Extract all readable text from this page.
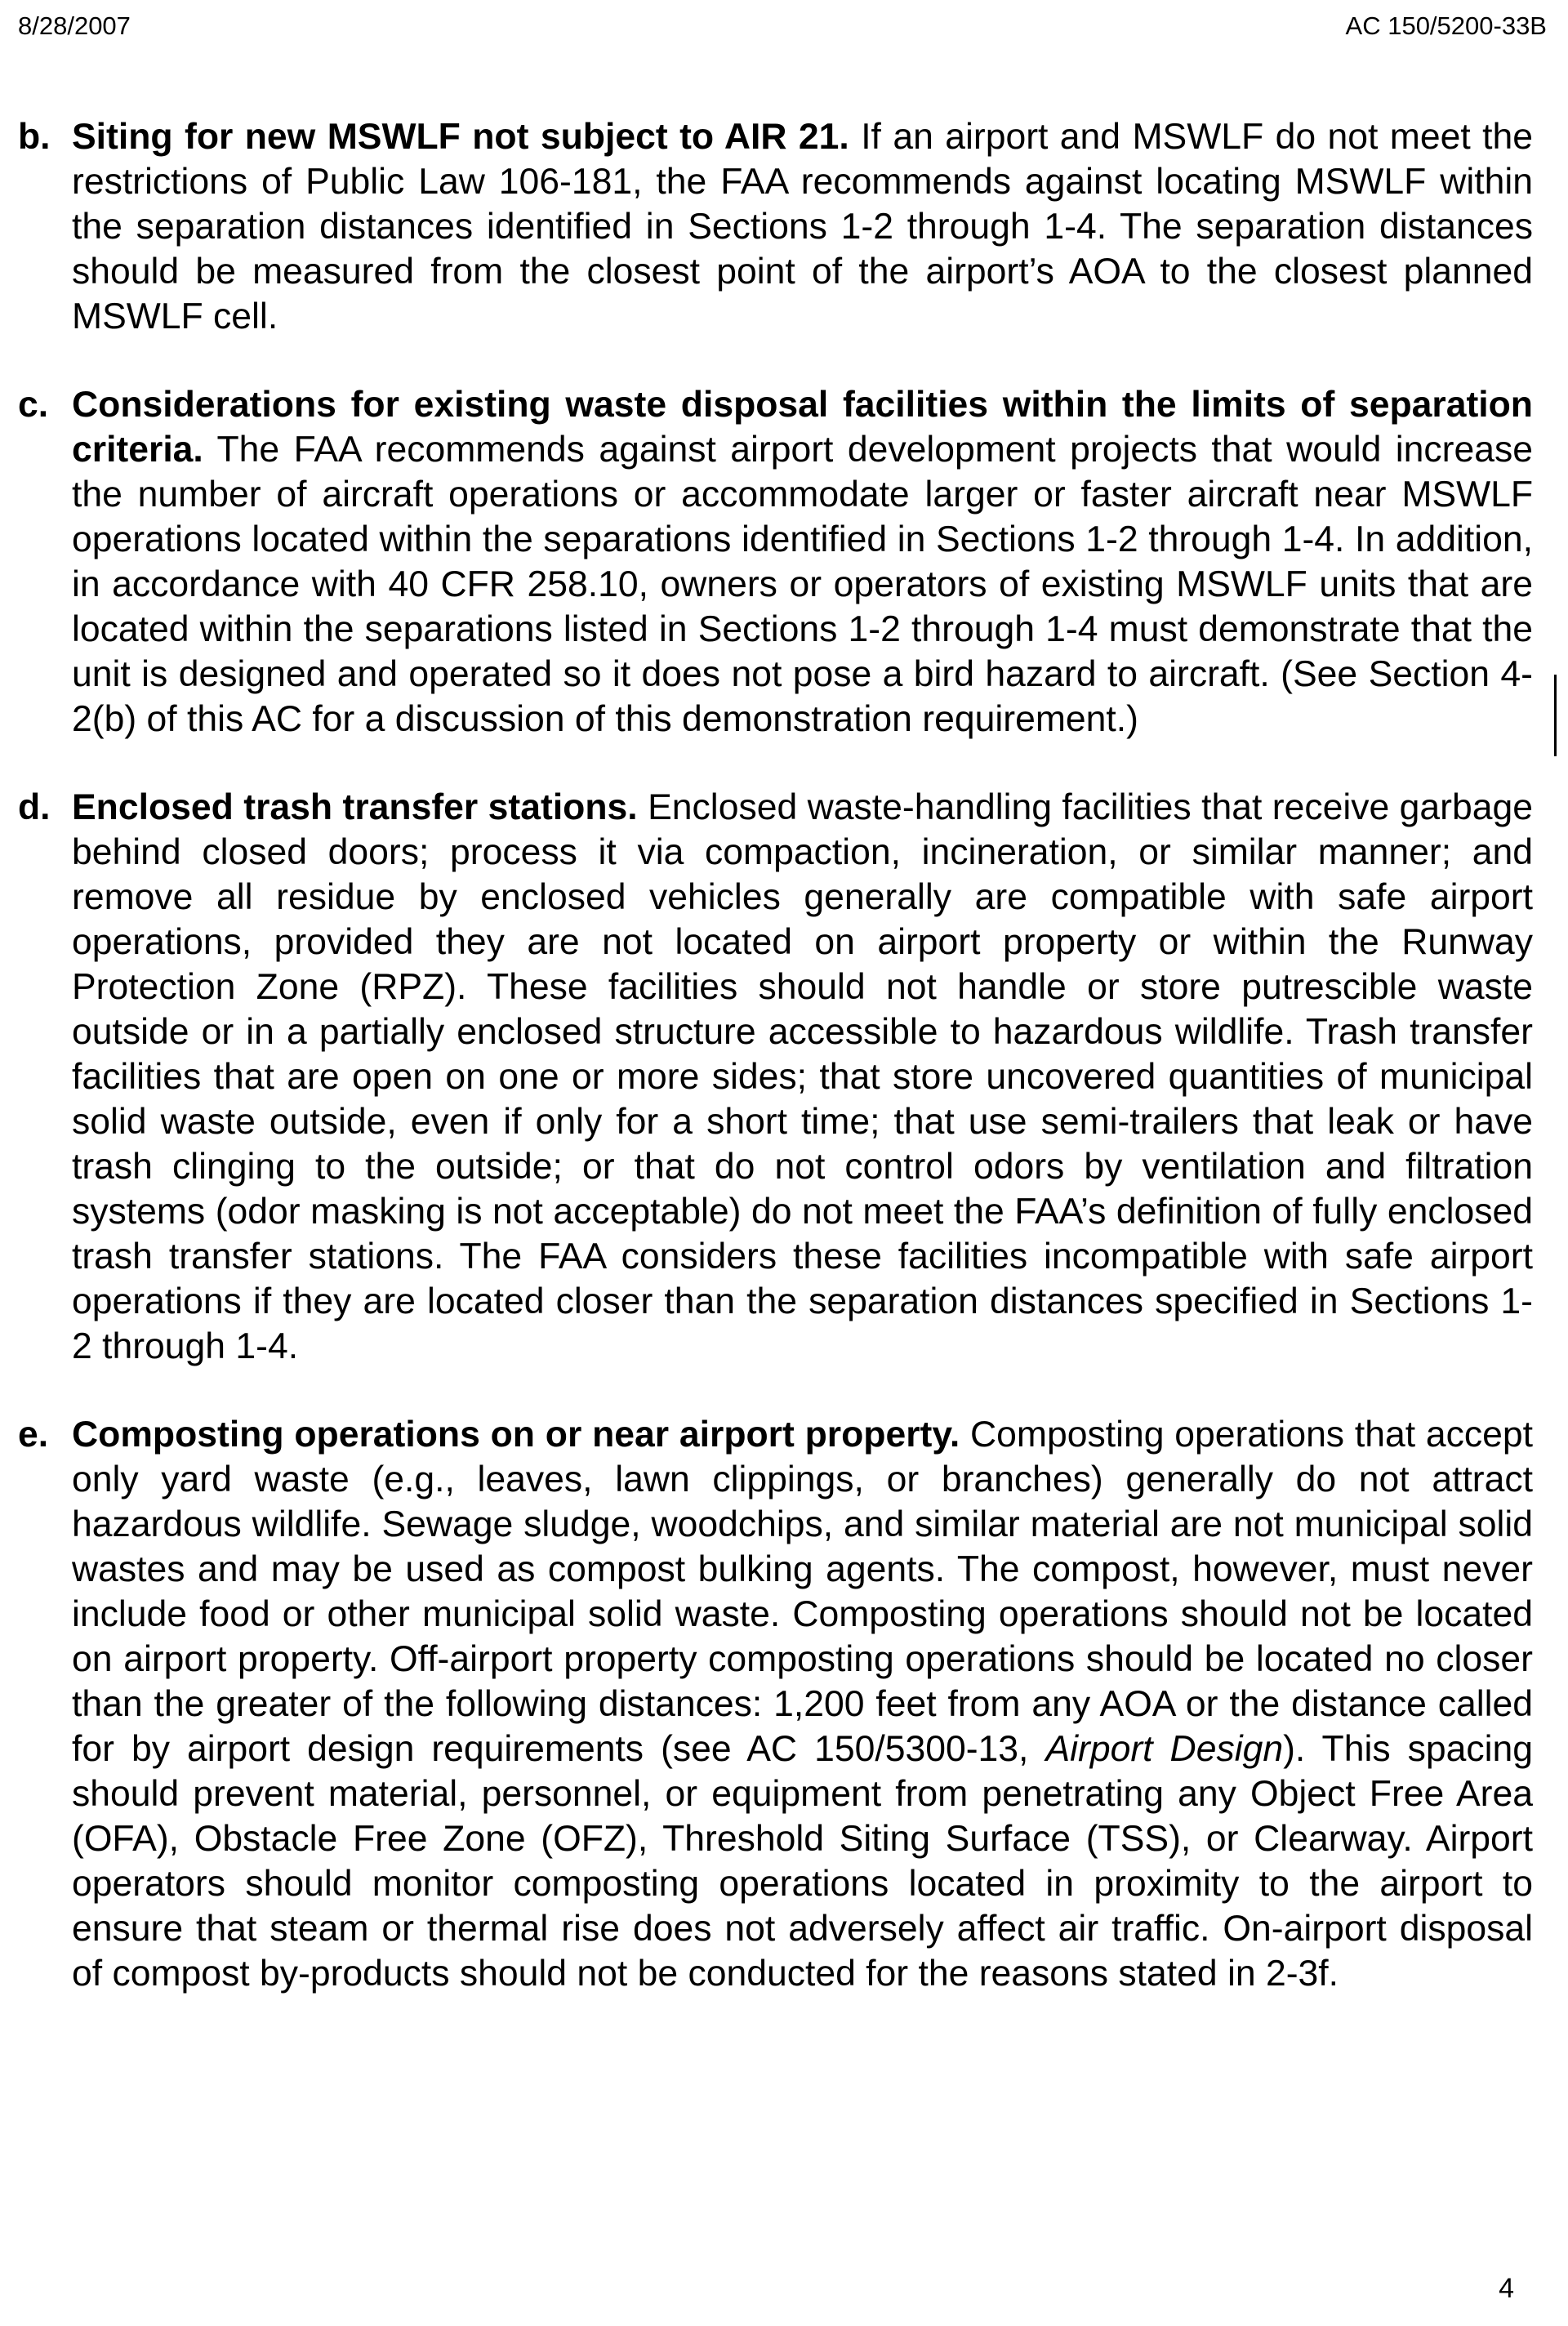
8/28/2007	AC 150/5200-33B
b. Siting for new MSWLF not subject to AIR 21. If an airport and MSWLF do not meet the restrictions of Public Law 106-181, the FAA recommends against locating MSWLF within the separation distances identified in Sections 1-2 through 1-4. The separation distances should be measured from the closest point of the airport’s AOA to the closest planned MSWLF cell.
c. Considerations for existing waste disposal facilities within the limits of separation criteria. The FAA recommends against airport development projects that would increase the number of aircraft operations or accommodate larger or faster aircraft near MSWLF operations located within the separations identified in Sections 1-2 through 1-4. In addition, in accordance with 40 CFR 258.10, owners or operators of existing MSWLF units that are located within the separations listed in Sections 1-2 through 1-4 must demonstrate that the unit is designed and operated so it does not pose a bird hazard to aircraft. (See Section 4-2(b) of this AC for a discussion of this demonstration requirement.)
d. Enclosed trash transfer stations. Enclosed waste-handling facilities that receive garbage behind closed doors; process it via compaction, incineration, or similar manner; and remove all residue by enclosed vehicles generally are compatible with safe airport operations, provided they are not located on airport property or within the Runway Protection Zone (RPZ). These facilities should not handle or store putrescible waste outside or in a partially enclosed structure accessible to hazardous wildlife. Trash transfer facilities that are open on one or more sides; that store uncovered quantities of municipal solid waste outside, even if only for a short time; that use semi-trailers that leak or have trash clinging to the outside; or that do not control odors by ventilation and filtration systems (odor masking is not acceptable) do not meet the FAA’s definition of fully enclosed trash transfer stations. The FAA considers these facilities incompatible with safe airport operations if they are located closer than the separation distances specified in Sections 1-2 through 1-4.
e. Composting operations on or near airport property. Composting operations that accept only yard waste (e.g., leaves, lawn clippings, or branches) generally do not attract hazardous wildlife. Sewage sludge, woodchips, and similar material are not municipal solid wastes and may be used as compost bulking agents. The compost, however, must never include food or other municipal solid waste. Composting operations should not be located on airport property. Off-airport property composting operations should be located no closer than the greater of the following distances: 1,200 feet from any AOA or the distance called for by airport design requirements (see AC 150/5300-13, Airport Design). This spacing should prevent material, personnel, or equipment from penetrating any Object Free Area (OFA), Obstacle Free Zone (OFZ), Threshold Siting Surface (TSS), or Clearway. Airport operators should monitor composting operations located in proximity to the airport to ensure that steam or thermal rise does not adversely affect air traffic. On-airport disposal of compost by-products should not be conducted for the reasons stated in 2-3f.
4
